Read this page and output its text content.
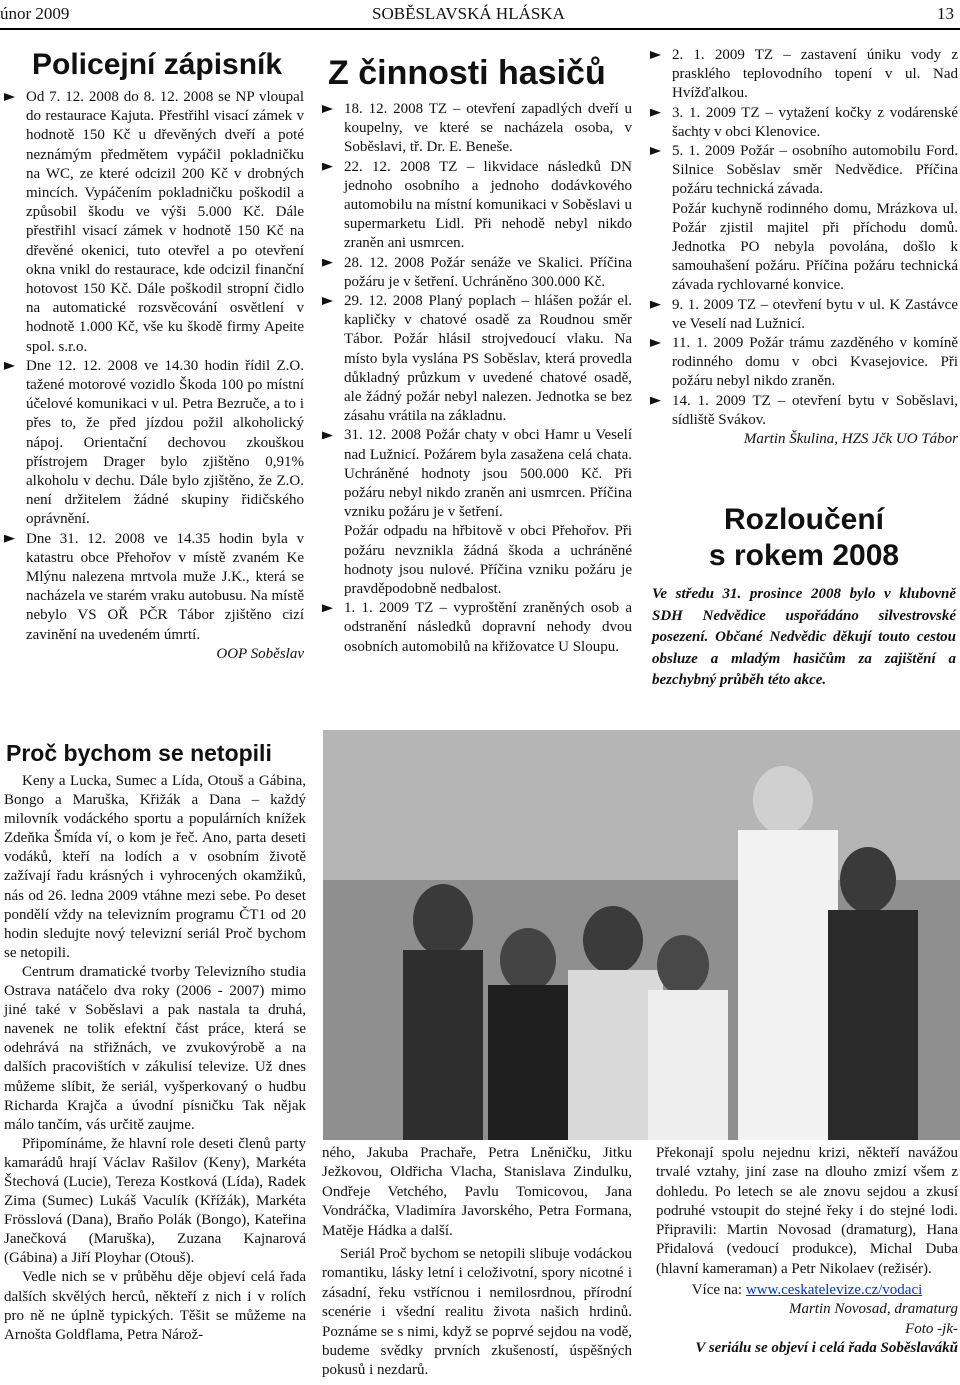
únor 2009	SOBĚSLAVSKÁ HLÁSKA	13
Policejní zápisník

Od 7. 12. 2008 do 8. 12. 2008 se NP vloupal do restaurace Kajuta. Přestřihl visací zámek v hodnotě 150 Kč u dřevěných dveří a poté neznámým předmětem vypáčil pokladničku na WC, ze které odcizil 200 Kč v drobných mincích. Vypáčením pokladničku poškodil a způsobil škodu ve výši 5.000 Kč. Dále přestřihl visací zámek v hodnotě 150 Kč na dřevěné okenici, tuto otevřel a po otevření okna vnikl do restaurace, kde odcizil finanční hotovost 150 Kč. Dále poškodil stropní čidlo na automatické rozsvěcování osvětlení v hodnotě 1.000 Kč, vše ku škodě firmy Apeite spol. s.r.o.

Dne 12. 12. 2008 ve 14.30 hodin řídil Z.O. tažené motorové vozidlo Škoda 100 po místní účelové komunikaci v ul. Petra Bezruče, a to i přes to, že před jízdou požil alkoholický nápoj. Orientační dechovou zkouškou přístrojem Drager bylo zjištěno 0,91% alkoholu v dechu. Dále bylo zjištěno, že Z.O. není držitelem žádné skupiny řidičského oprávnění.

Dne 31. 12. 2008 ve 14.35 hodin byla v katastru obce Přehořov v místě zvaném Ke Mlýnu nalezena mrtvola muže J.K., která se nacházela ve starém vraku autobusu. Na místě nebylo VS OŘ PČR Tábor zjištěno cizí zavinění na uvedeném úmrtí.

OOP Soběslav
Z činnosti hasičů

18. 12. 2008 TZ – otevření zapadlých dveří u koupelny, ve které se nacházela osoba, v Soběslavi, tř. Dr. E. Beneše.

22. 12. 2008 TZ – likvidace následků DN jednoho osobního a jednoho dodávkového automobilu na místní komunikaci v Soběslavi u supermarketu Lidl. Při nehodě nebyl nikdo zraněn ani usmrcen.

28. 12. 2008 Požár senáže ve Skalici. Příčina požáru je v šetření. Uchráněno 300.000 Kč.

29. 12. 2008 Planý poplach – hlášen požár el. kapličky v chatové osadě za Roudnou směr Tábor. Požár hlásil strojvedoucí vlaku. Na místo byla vyslána PS Soběslav, která provedla důkladný průzkum v uvedené chatové osadě, ale žádný požár nebyl nalezen. Jednotka se bez zásahu vrátila na základnu.

31. 12. 2008 Požár chaty v obci Hamr u Veselí nad Lužnicí. Požárem byla zasažena celá chata. Uchráněné hodnoty jsou 500.000 Kč. Při požáru nebyl nikdo zraněn ani usmrcen. Příčina vzniku požáru je v šetření.

Požár odpadu na hřbitově v obci Přehořov. Při požáru nevznikla žádná škoda a uchráněné hodnoty jsou nulové. Příčina vzniku požáru je pravděpodobně nedbalost.

1. 1. 2009 TZ – vyproštění zraněných osob a odstranění následků dopravní nehody dvou osobních automobilů na křižovatce U Sloupu.

2. 1. 2009 TZ – zastavení úniku vody z prasklého teplovodního topení v ul. Nad Hvížďalkou.

3. 1. 2009 TZ – vytažení kočky z vodárenské šachty v obci Klenovice.

5. 1. 2009 Požár – osobního automobilu Ford. Silnice Soběslav směr Nedvědice. Příčina požáru technická závada.

Požár kuchyně rodinného domu, Mrázkova ul. Požár zjistil majitel při příchodu domů. Jednotka PO nebyla povolána, došlo k samouhašení požáru. Příčina požáru technická závada rychlovarné konvice.

9. 1. 2009 TZ – otevření bytu v ul. K Zastávce ve Veselí nad Lužnicí.

11. 1. 2009 Požár trámu zazděného v komíně rodinného domu v obci Kvasejovice. Při požáru nebyl nikdo zraněn.

14. 1. 2009 TZ – otevření bytu v Soběslavi, sídliště Svákov.

Martin Škulina, HZS Jčk UO Tábor
Rozloučení
s rokem 2008

Ve středu 31. prosince 2008 bylo v klubovně SDH Nedvědice uspořádáno silvestrovské posezení. Občané Nedvědic děkují touto cestou obsluze a mladým hasičům za zajištění a bezchybný průběh této akce.

Proč bychom se netopili

Keny a Lucka, Sumec a Lída, Otouš a Gábina, Bongo a Maruška, Křižák a Dana – každý milovník vodáckého sportu a populárních knížek Zdeňka Šmída ví, o kom je řeč. Ano, parta deseti vodáků, kteří na lodích a v osobním životě zažívají řadu krásných i vyhrocených okamžiků, nás od 26. ledna 2009 vtáhne mezi sebe. Po deset pondělí vždy na televizním programu ČT1 od 20 hodin sledujte nový televizní seriál Proč bychom se netopili.

Centrum dramatické tvorby Televizního studia Ostrava natáčelo dva roky (2006 - 2007) mimo jiné také v Soběslavi a pak nastala ta druhá, navenek ne tolik efektní část práce, která se odehrává na střižnách, ve zvukovýrobě a na dalších pracovištích v zákulisí televize. Už dnes můžeme slíbit, že seriál, vyšperkovaný o hudbu Richarda Krajča a úvodní písničku Tak nějak málo tančím, vás určitě zaujme.

Připomínáme, že hlavní role deseti členů party kamarádů hrají Václav Rašilov (Keny), Markéta Štechová (Lucie), Tereza Kostková (Lída), Radek Zima (Sumec) Lukáš Vaculík (Křížák), Markéta Frösslová (Dana), Braňo Polák (Bongo), Kateřina Janečková (Maruška), Zuzana Kajnarová (Gábina) a Jiří Ployhar (Otouš).

Vedle nich se v průběhu děje objeví celá řada dalších skvělých herců, někteří z nich i v rolích pro ně ne úplně typických. Těšit se můžeme na Arnošta Goldflama, Petra Nárož-

ného, Jakuba Prachaře, Petra Lněničku, Jitku Ježkovou, Oldřicha Vlacha, Stanislava Zindulku, Ondřeje Vetchého, Pavlu Tomicovou, Jana Vondráčka, Vladimíra Javorského, Petra Formana, Matěje Hádka a další.

Seriál Proč bychom se netopili slibuje vodáckou romantiku, lásky letní i celoživotní, spory nicotné i zásadní, řeku vstřícnou i nemilosrdnou, přírodní scenérie i všední realitu života našich hrdinů. Poznáme se s nimi, když se poprvé sejdou na vodě, budeme svědky prvních zkušeností, úspěšných pokusů i nezdarů.

Překonají spolu nejednu krizi, někteří navážou trvalé vztahy, jiní zase na dlouho zmizí všem z dohledu. Po letech se ale znovu sejdou a zkusí podruhé vstoupit do stejné řeky i do stejné lodi. Připravili: Martin Novosad (dramaturg), Hana Přidalová (vedoucí produkce), Michal Duba (hlavní kameraman) a Petr Nikolaev (režisér).

Více na: www.ceskatelevize.cz/vodaci

Martin Novosad, dramaturg
Foto -jk-
V seriálu se objeví i celá řada Soběslavákŭ
